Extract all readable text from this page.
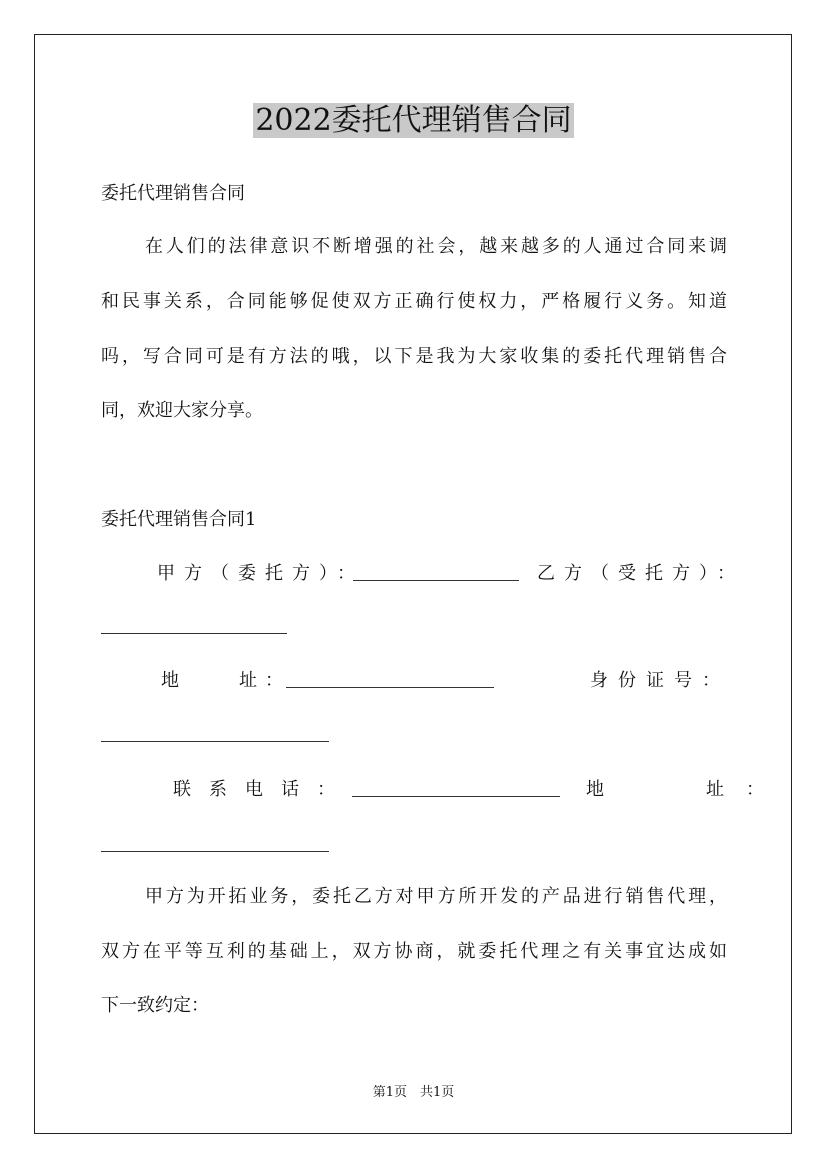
2022委托代理销售合同
委托代理销售合同
在人们的法律意识不断增强的社会，越来越多的人通过合同来调
和民事关系，合同能够促使双方正确行使权力，严格履行义务。知道
吗，写合同可是有方法的哦，以下是我为大家收集的委托代理销售合
同，欢迎大家分享。
委托代理销售合同1
甲方（委托方）：	乙方（受托方）：
地　　址：	身份证号：
联系电话：	地　　址：
甲方为开拓业务，委托乙方对甲方所开发的产品进行销售代理，
双方在平等互利的基础上，双方协商，就委托代理之有关事宜达成如
下一致约定：
第1页　共1页
